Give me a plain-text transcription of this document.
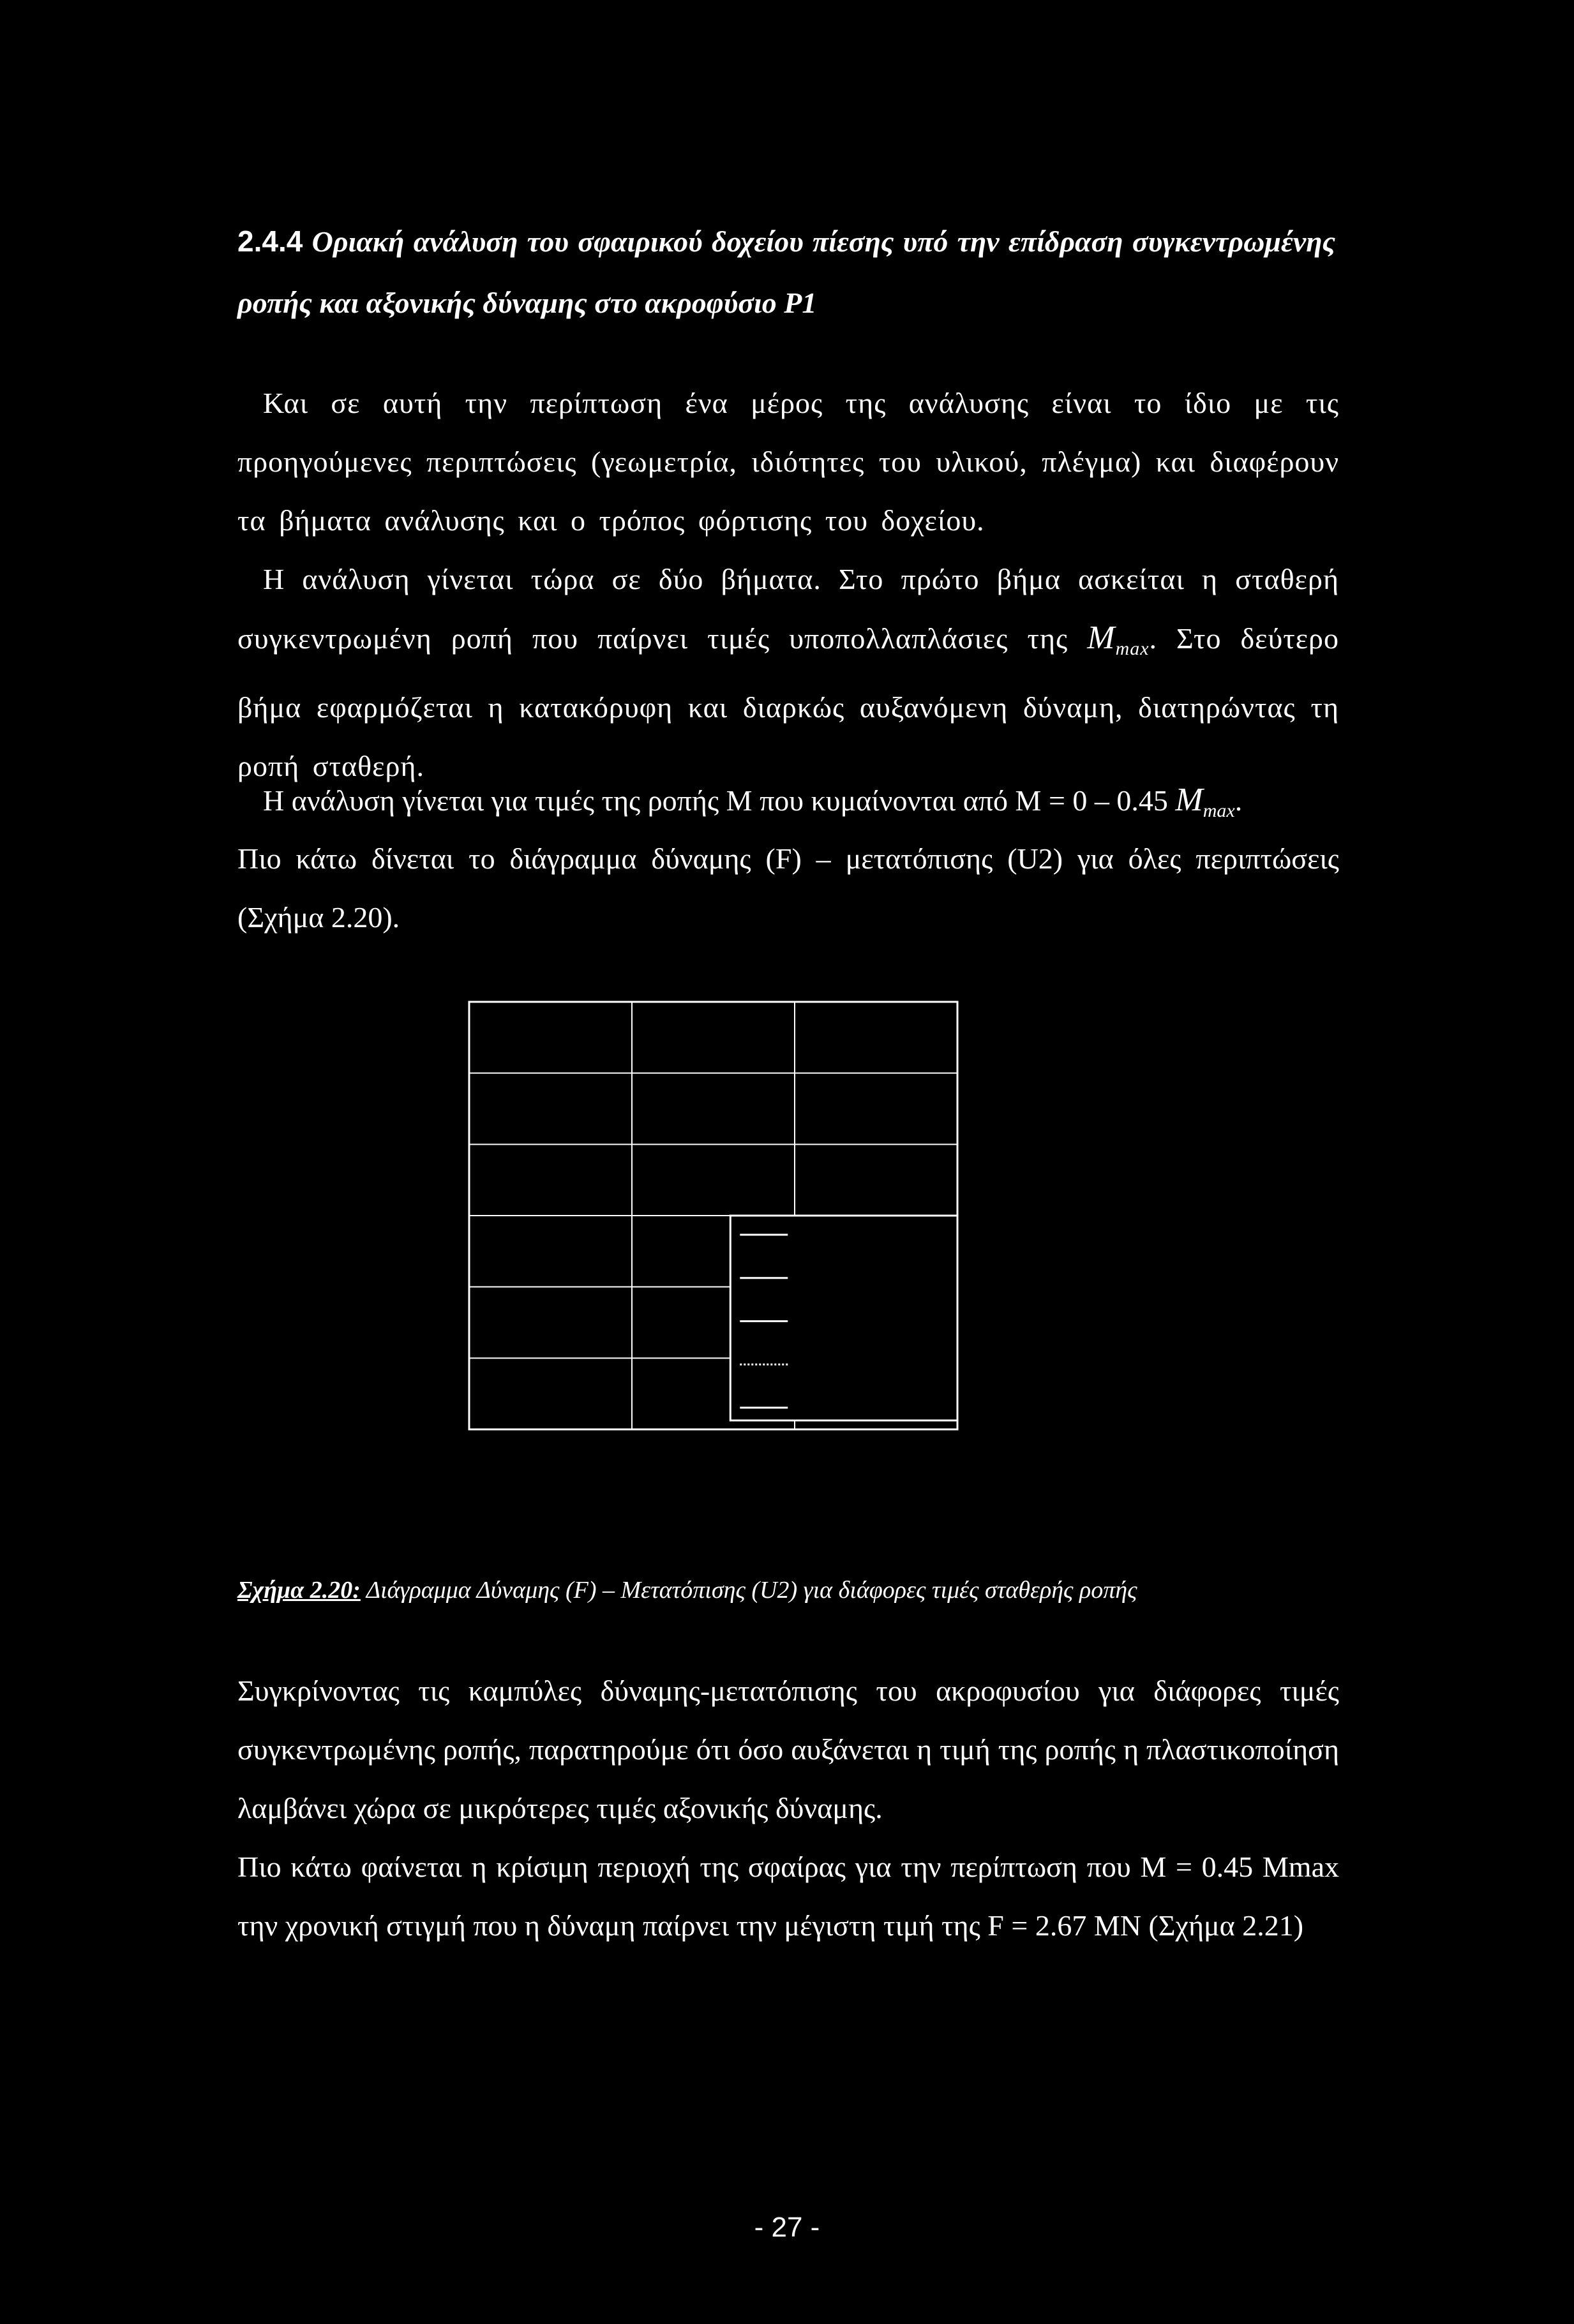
2.4.4 Οριακή ανάλυση του σφαιρικού δοχείου πίεσης υπό την επίδραση συγκεντρωμένης ροπής και αξονικής δύναμης στο ακροφύσιο P1

Και σε αυτή την περίπτωση ένα μέρος της ανάλυσης είναι το ίδιο με τις προηγούμενες περιπτώσεις (γεωμετρία, ιδιότητες του υλικού, πλέγμα) και διαφέρουν τα βήματα ανάλυσης και ο τρόπος φόρτισης του δοχείου.

Η ανάλυση γίνεται τώρα σε δύο βήματα. Στο πρώτο βήμα ασκείται η σταθερή συγκεντρωμένη ροπή που παίρνει τιμές υποπολλαπλάσιες της $M_{max}$. Στο δεύτερο βήμα εφαρμόζεται η κατακόρυφη και διαρκώς αυξανόμενη δύναμη, διατηρώντας τη ροπή σταθερή.

Η ανάλυση γίνεται για τιμές της ροπής M που κυμαίνονται από M = 0 – 0.45 $M_{max}$.

Πιο κάτω δίνεται το διάγραμμα δύναμης (F) – μετατόπισης (U2) για όλες περιπτώσεις (Σχήμα 2.20).

Σχήμα 2.20: Διάγραμμα Δύναμης (F) – Μετατόπισης (U2) για διάφορες τιμές σταθερής ροπής

Συγκρίνοντας τις καμπύλες δύναμης-μετατόπισης του ακροφυσίου για διάφορες τιμές συγκεντρωμένης ροπής, παρατηρούμε ότι όσο αυξάνεται η τιμή της ροπής η πλαστικοποίηση λαμβάνει χώρα σε μικρότερες τιμές αξονικής δύναμης.

Πιο κάτω φαίνεται η κρίσιμη περιοχή της σφαίρας για την περίπτωση που M = 0.45 Mmax την χρονική στιγμή που η δύναμη παίρνει την μέγιστη τιμή της F = 2.67 MN (Σχήμα 2.21)

- 27 -
